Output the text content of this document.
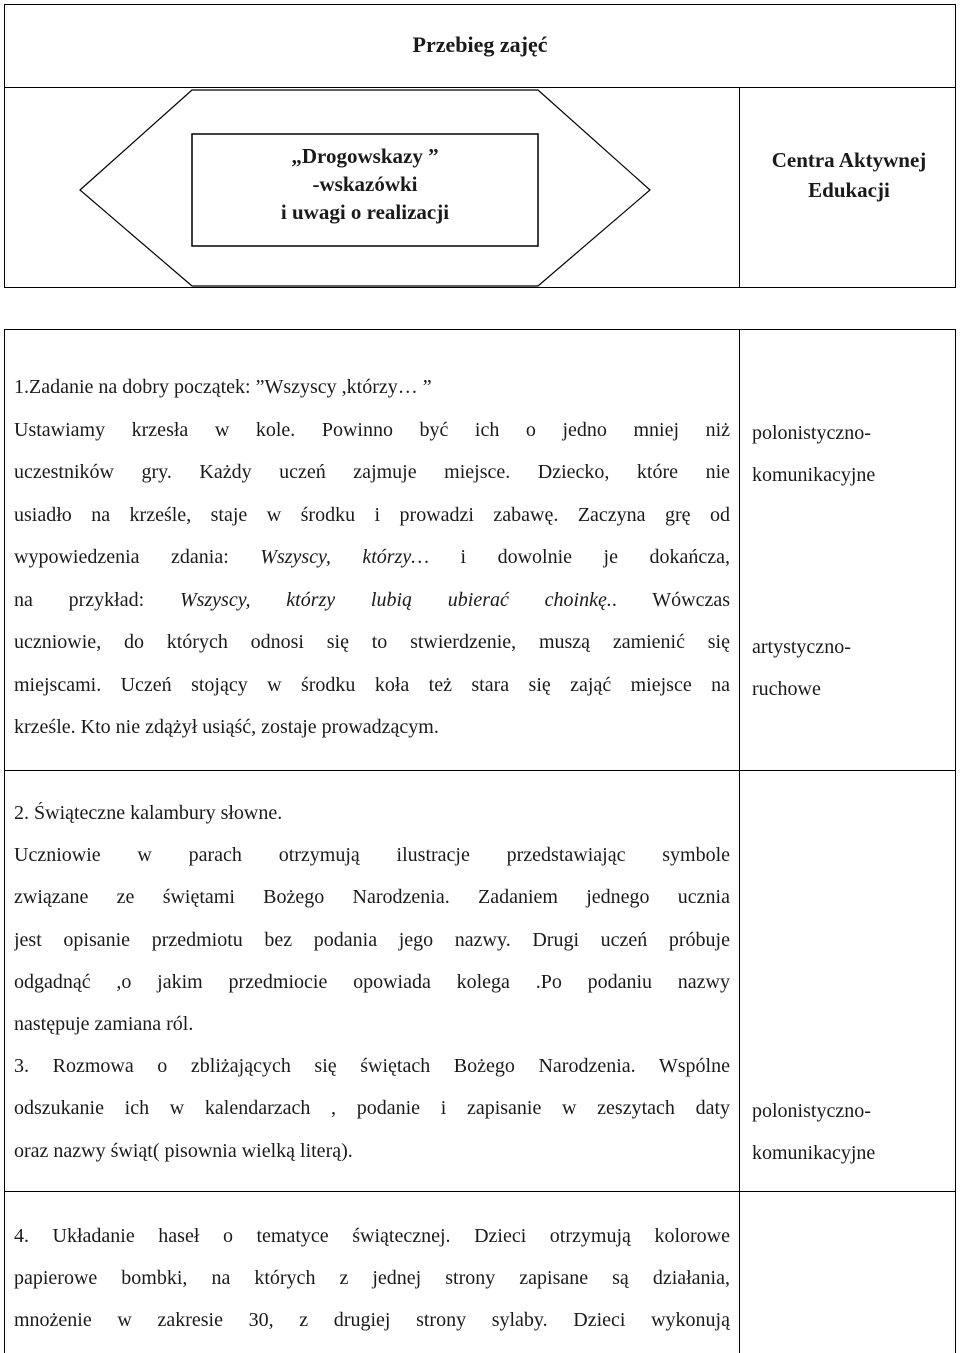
Przebieg zajęć
„Drogowskazy ”
-wskazówki
i uwagi o realizacji
Centra Aktywnej
Edukacji
1.Zadanie na dobry początek: ”Wszyscy ,którzy… ”
Ustawiamy krzesła w kole. Powinno być ich o jedno mniej niż
uczestników gry. Każdy uczeń zajmuje miejsce. Dziecko, które nie
usiadło na krześle, staje w środku i prowadzi zabawę. Zaczyna grę od
wypowiedzenia zdania: Wszyscy, którzy… i dowolnie je dokańcza,
na przykład: Wszyscy, którzy lubią ubierać choinkę.. Wówczas
uczniowie, do których odnosi się to stwierdzenie, muszą zamienić się
miejscami. Uczeń stojący w środku koła też stara się zająć miejsce na
krześle. Kto nie zdążył usiąść, zostaje prowadzącym.
2. Świąteczne kalambury słowne.
Uczniowie w parach otrzymują ilustracje przedstawiając symbole
związane ze świętami Bożego Narodzenia. Zadaniem jednego ucznia
jest opisanie przedmiotu bez podania jego nazwy. Drugi uczeń próbuje
odgadnąć ,o jakim przedmiocie opowiada kolega .Po podaniu nazwy
następuje zamiana ról.
3. Rozmowa o zbliżających się świętach Bożego Narodzenia. Wspólne
odszukanie ich w kalendarzach , podanie i zapisanie w zeszytach daty
oraz nazwy świąt( pisownia wielką literą).
4. Układanie haseł o tematyce świątecznej. Dzieci otrzymują kolorowe
papierowe bombki, na których z jednej strony zapisane są działania,
mnożenie w zakresie 30, z drugiej strony sylaby. Dzieci wykonują
polonistyczno-
komunikacyjne
artystyczno-
ruchowe
polonistyczno-
komunikacyjne
